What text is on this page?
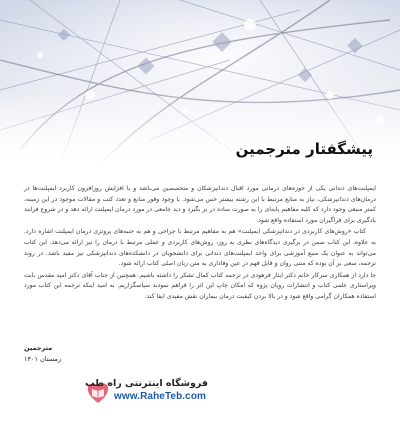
پیشگفتار مترجمین

ایمپلنت‌های دندانی یکی از حوزه‌های درمانی مورد اقبال دندانپزشکان و متخصصین می‌باشد و با افزایش روزافزون کاربرد ایمپلنت‌ها در درمان‌های دندانپزشکی، نیاز به منابع مرتبط با این رشته بیشتر حس می‌شود. با وجود وفور منابع و تعدد کتب و مقالات موجود در این زمینه، کمتر منبعی وجود دارد که کلیه مفاهیم پایه‌ای را به صورت ساده در بر بگیرد و دید جامعی در مورد درمان ایمپلنت ارائه دهد و در شروع فرایند یادگیری برای فراگیران مورد استفاده واقع شود.

کتاب «روش‌های کاربردی در دندانپزشکی ایمپلنت» هم به مفاهیم مرتبط با جراحی و هم به جنبه‌های پروتزی درمان ایمپلنت اشاره دارد. به علاوه، این کتاب ضمن در برگیری دیدگاه‌های نظری به روز، روش‌های کاربردی و عملی مرتبط با درمان را نیز ارائه می‌دهد. این کتاب می‌تواند به عنوان یک منبع آموزشی برای واحد ایمپلنت‌های دندانی برای دانشجویان در دانشکده‌های دندانپزشکی نیز مفید باشد. در روند ترجمه، سعی بر آن بوده که متنی روان و قابل فهم در عین وفاداری به متن زبان اصلی کتاب ارائه شود.

جا دارد از همکاری سرکار خانم دکتر ایثار فرهودی در ترجمه کتاب کمال تشکر را داشته باشیم. همچنین از جناب آقای دکتر امید مقدس بابت ویراستاری علمی کتاب و انتشارات رویان پژوه که امکان چاپ این اثر را فراهم نمودند سپاسگزاریم. به امید اینکه ترجمه این کتاب مورد استفاده همکاران گرامی واقع شود و در بالا بردن کیفیت درمان بیماران نقش مفیدی ایفا کند.

مترجمین
زمستان ۱۴۰۱
فروشگاه اینترنتی راه طب
www.RaheTeb.com
